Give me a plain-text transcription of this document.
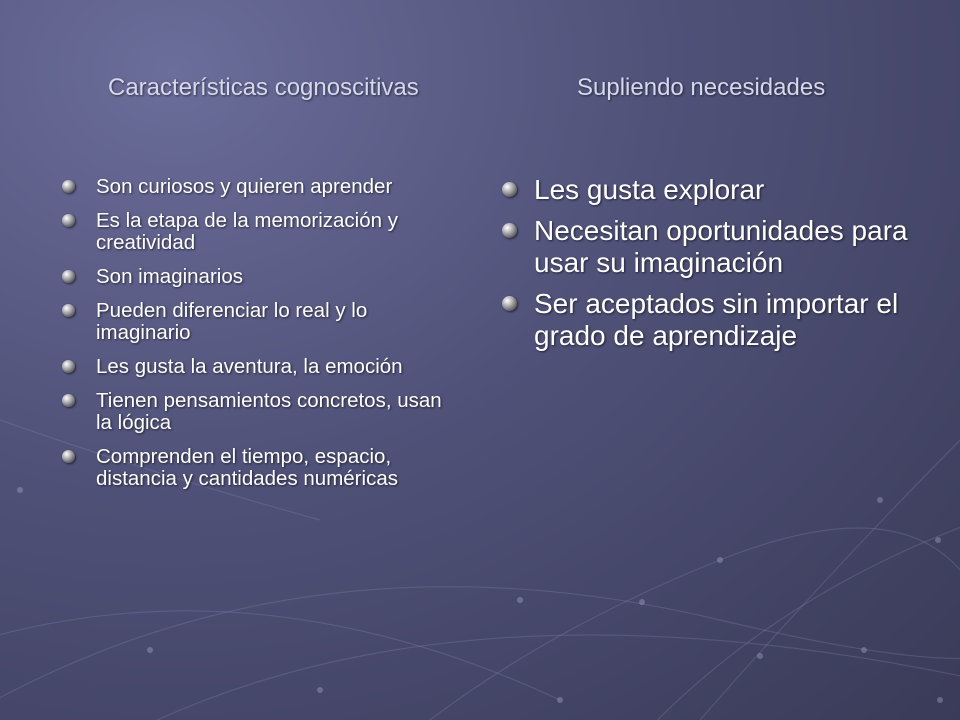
Características cognoscitivas	Supliendo necesidades
Son curiosos y quieren aprender
Es la etapa de la memorización y creatividad
Son imaginarios
Pueden diferenciar lo real y lo imaginario
Les gusta la aventura, la emoción
Tienen pensamientos concretos, usan la lógica
Comprenden el tiempo, espacio, distancia y cantidades numéricas
Les gusta explorar
Necesitan oportunidades para usar su imaginación
Ser aceptados sin importar el grado de aprendizaje
